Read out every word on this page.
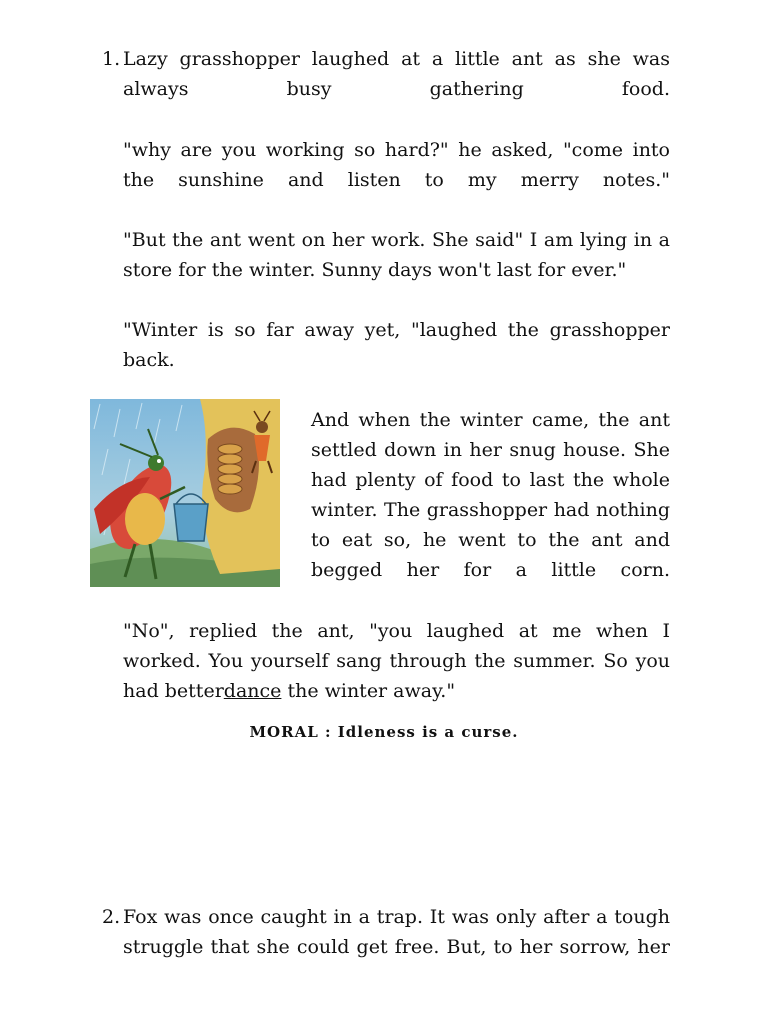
1. Lazy grasshopper laughed at a little ant as she was always busy gathering food.
"why are you working so hard?" he asked, "come into the sunshine and listen to my merry notes."
"But the ant went on her work. She said" I am lying in a store for the winter. Sunny days won't last for ever."
"Winter is so far away yet, "laughed the grasshopper back.
And when the winter came, the ant settled down in her snug house. She had plenty of food to last the whole winter. The grasshopper had nothing to eat so, he went to the ant and begged her for a little corn.
"No", replied the ant, "you laughed at me when I worked. You yourself sang through the summer. So you had betterdance the winter away."
MORAL : Idleness is a curse.
2. Fox was once caught in a trap. It was only after a tough struggle that she could get free. But, to her sorrow, her
